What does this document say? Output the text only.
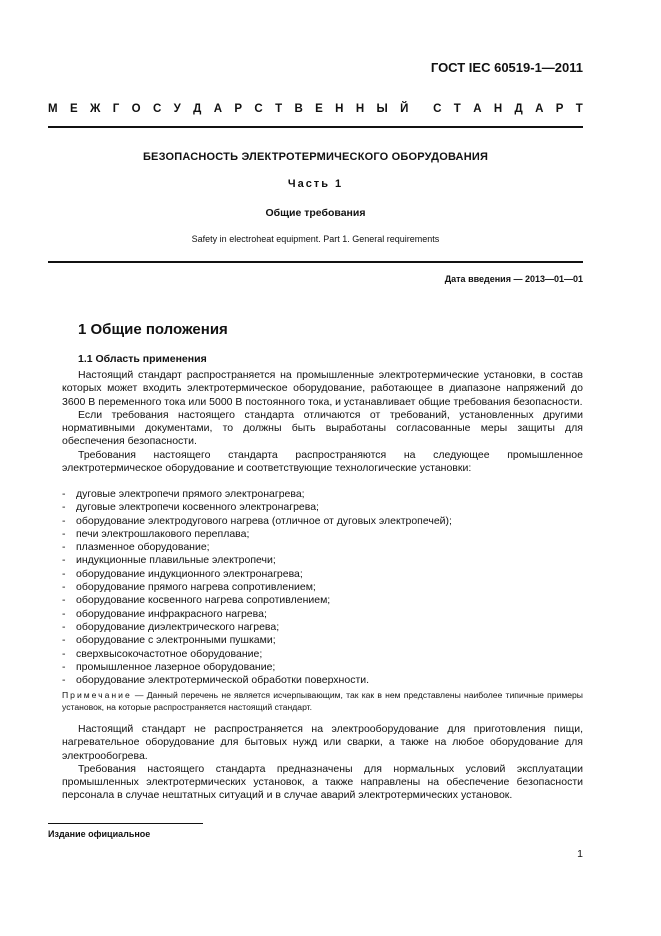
ГОСТ IEC 60519-1—2011
М Е Ж Г О С У Д А Р С Т В Е Н Н Ы Й С Т А Н Д А Р Т
БЕЗОПАСНОСТЬ ЭЛЕКТРОТЕРМИЧЕСКОГО ОБОРУДОВАНИЯ
Часть 1
Общие требования
Safety in electroheat equipment. Part 1. General requirements
Дата введения — 2013—01—01
1 Общие положения
1.1 Область применения

Настоящий стандарт распространяется на промышленные электротермические установки, в состав которых может входить электротермическое оборудование, работающее в диапазоне напряжений до 3600 В переменного тока или 5000 В постоянного тока, и устанавливает общие требования безопасности.

Если требования настоящего стандарта отличаются от требований, установленных другими нормативными документами, то должны быть выработаны согласованные меры защиты для обеспечения безопасности.

Требования настоящего стандарта распространяются на следующее промышленное электротермическое оборудование и соответствующие технологические установки:

- дуговые электропечи прямого электронагрева;
- дуговые электропечи косвенного электронагрева;
- оборудование электродугового нагрева (отличное от дуговых электропечей);
- печи электрошлакового переплава;
- плазменное оборудование;
- индукционные плавильные электропечи;
- оборудование индукционного электронагрева;
- оборудование прямого нагрева сопротивлением;
- оборудование косвенного нагрева сопротивлением;
- оборудование инфракрасного нагрева;
- оборудование диэлектрического нагрева;
- оборудование с электронными пушками;
- сверхвысокочастотное оборудование;
- промышленное лазерное оборудование;
- оборудование электротермической обработки поверхности.
Примечание — Данный перечень не является исчерпывающим, так как в нем представлены наиболее типичные примеры установок, на которые распространяется настоящий стандарт.

Настоящий стандарт не распространяется на электрооборудование для приготовления пищи, нагревательное оборудование для бытовых нужд или сварки, а также на любое оборудование для электрообогрева.

Требования настоящего стандарта предназначены для нормальных условий эксплуатации промышленных электротермических установок, а также направлены на обеспечение безопасности персонала в случае нештатных ситуаций и в случае аварий электротермических установок.

Издание официальное
1
